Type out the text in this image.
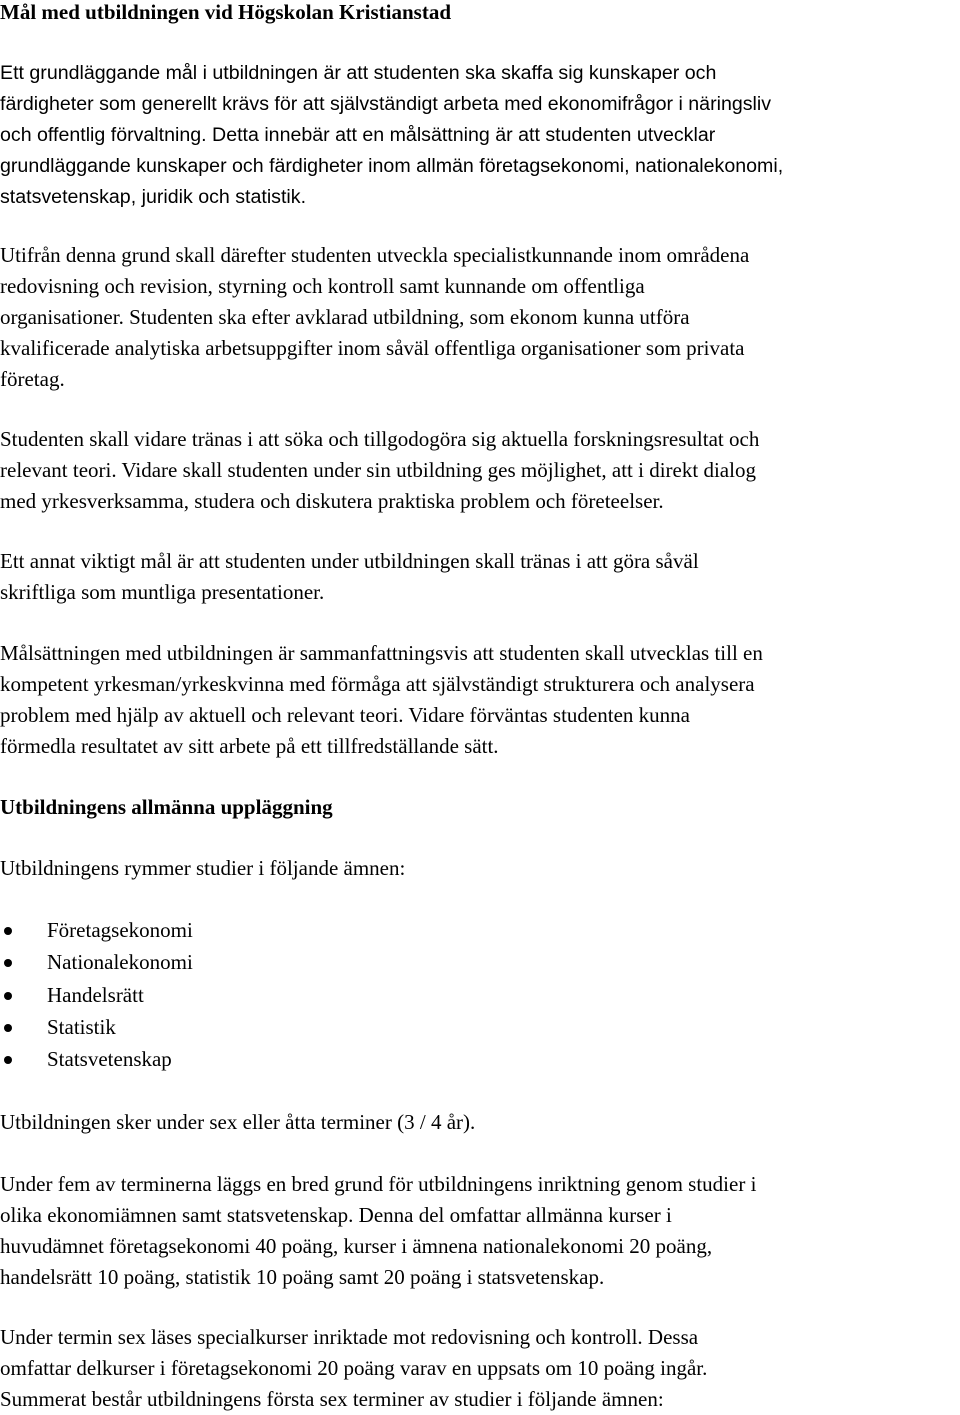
Mål med utbildningen vid Högskolan Kristianstad
Ett grundläggande mål i utbildningen är att studenten ska skaffa sig kunskaper och
färdigheter som generellt krävs för att självständigt arbeta med ekonomifrågor i näringsliv
och offentlig förvaltning. Detta innebär att en målsättning är att studenten utvecklar
grundläggande kunskaper och färdigheter inom allmän företagsekonomi, nationalekonomi,
statsvetenskap, juridik och statistik.
Utifrån denna grund skall därefter studenten utveckla specialistkunnande inom områdena
redovisning och revision, styrning och kontroll samt kunnande om offentliga
organisationer. Studenten ska efter avklarad utbildning, som ekonom kunna utföra
kvalificerade analytiska arbetsuppgifter inom såväl offentliga organisationer som privata
företag.
Studenten skall vidare tränas i att söka och tillgodogöra sig aktuella forskningsresultat och
relevant teori. Vidare skall studenten under sin utbildning ges möjlighet, att i direkt dialog
med yrkesverksamma, studera och diskutera praktiska problem och företeelser.
Ett annat viktigt mål är att studenten under utbildningen skall tränas i att göra såväl
skriftliga som muntliga presentationer.
Målsättningen med utbildningen är sammanfattningsvis att studenten skall utvecklas till en
kompetent yrkesman/yrkeskvinna med förmåga att självständigt strukturera och analysera
problem med hjälp av aktuell och relevant teori. Vidare förväntas studenten kunna
förmedla resultatet av sitt arbete på ett tillfredställande sätt.
Utbildningens allmänna uppläggning
Utbildningens rymmer studier i följande ämnen:
Företagsekonomi
Nationalekonomi
Handelsrätt
Statistik
Statsvetenskap
Utbildningen sker under sex eller åtta terminer (3 / 4 år).
Under fem av terminerna läggs en bred grund för utbildningens inriktning genom studier i
olika ekonomiämnen samt statsvetenskap. Denna del omfattar allmänna kurser i
huvudämnet företagsekonomi 40 poäng, kurser i ämnena nationalekonomi 20 poäng,
handelsrätt 10 poäng, statistik 10 poäng samt 20 poäng i statsvetenskap.
Under termin sex läses specialkurser inriktade mot redovisning och kontroll. Dessa
omfattar delkurser i företagsekonomi 20 poäng varav en uppsats om 10 poäng ingår.
Summerat består utbildningens första sex terminer av studier i följande ämnen:
